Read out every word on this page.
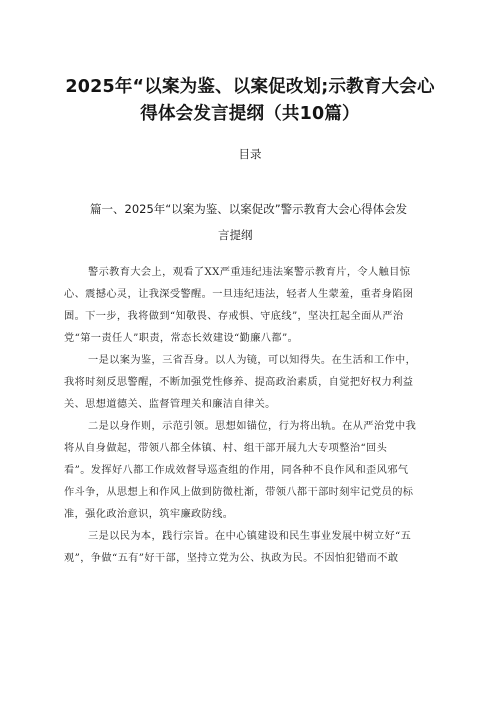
2025年“以案为鉴、以案促改划;示教育大会心
得体会发言提纲（共10篇）
目录
篇一、2025年“以案为鉴、以案促改”警示教育大会心得体会发
言提纲
警示教育大会上，观看了XX严重违纪违法案警示教育片，令人触目惊
心、震撼心灵，让我深受警醒。一旦违纪违法，轻者人生蒙羞，重者身陷囹
圄。下一步，我将做到“知敬畏、存戒惧、守底线”，坚决扛起全面从严治
党“第一责任人”职责，常态长效建设“勤廉八都”。
一是以案为鉴，三省吾身。以人为镜，可以知得失。在生活和工作中，
我将时刻反思警醒，不断加强党性修养、提高政治素质，自觉把好权力利益
关、思想道德关、监督管理关和廉洁自律关。
二是以身作则，示范引领。思想如锚位，行为将出轨。在从严治党中我
将从自身做起，带领八都全体镇、村、组干部开展九大专项整治“回头
看”。发挥好八都工作成效督导巡查组的作用，同各种不良作风和歪风邪气
作斗争，从思想上和作风上做到防微杜渐，带领八都干部时刻牢记党员的标
准，强化政治意识，筑牢廉政防线。
三是以民为本，践行宗旨。在中心镇建设和民生事业发展中树立好“五
观”，争做“五有”好干部，坚持立党为公、执政为民。不因怕犯错而不敢
